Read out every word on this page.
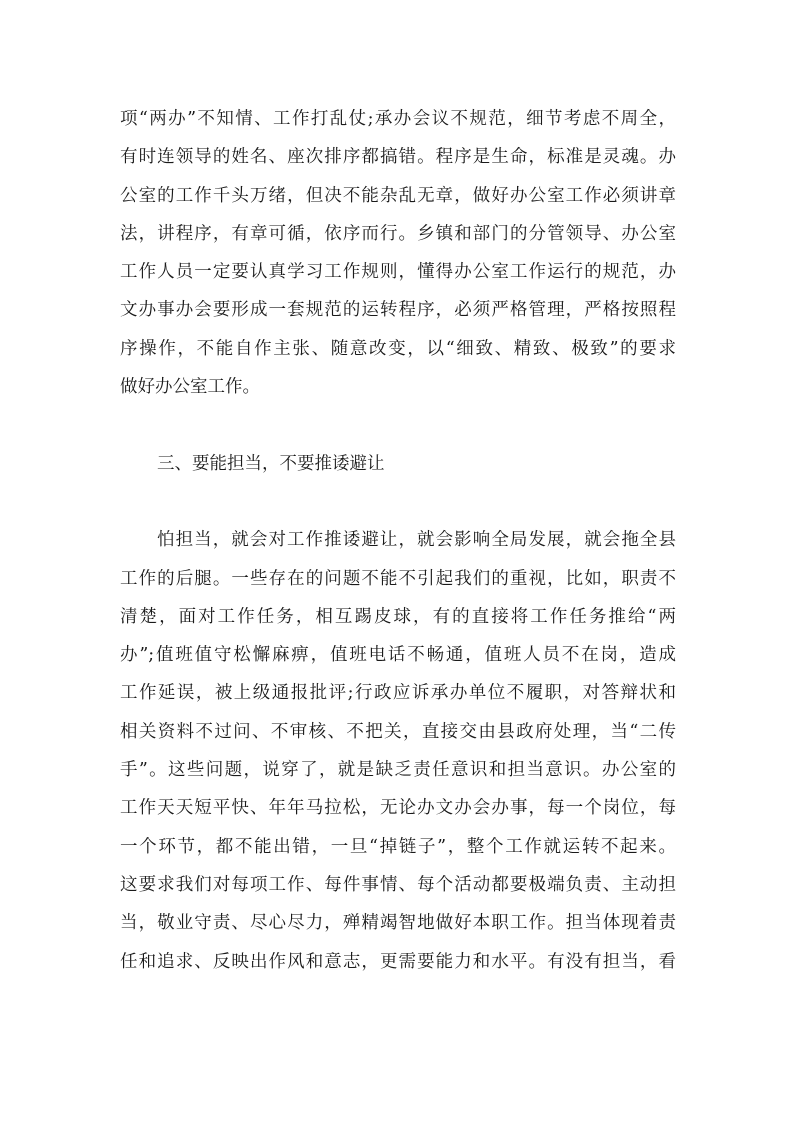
项“两办”不知情、工作打乱仗;承办会议不规范，细节考虑不周全，
有时连领导的姓名、座次排序都搞错。程序是生命，标准是灵魂。办
公室的工作千头万绪，但决不能杂乱无章，做好办公室工作必须讲章
法，讲程序，有章可循，依序而行。乡镇和部门的分管领导、办公室
工作人员一定要认真学习工作规则，懂得办公室工作运行的规范，办
文办事办会要形成一套规范的运转程序，必须严格管理，严格按照程
序操作，不能自作主张、随意改变，以“细致、精致、极致”的要求
做好办公室工作。
三、要能担当，不要推诿避让
怕担当，就会对工作推诿避让，就会影响全局发展，就会拖全县
工作的后腿。一些存在的问题不能不引起我们的重视，比如，职责不
清楚，面对工作任务，相互踢皮球，有的直接将工作任务推给“两
办”;值班值守松懈麻痹，值班电话不畅通，值班人员不在岗，造成
工作延误，被上级通报批评;行政应诉承办单位不履职，对答辩状和
相关资料不过问、不审核、不把关，直接交由县政府处理，当“二传
手”。这些问题，说穿了，就是缺乏责任意识和担当意识。办公室的
工作天天短平快、年年马拉松，无论办文办会办事，每一个岗位，每
一个环节，都不能出错，一旦“掉链子”，整个工作就运转不起来。
这要求我们对每项工作、每件事情、每个活动都要极端负责、主动担
当，敬业守责、尽心尽力，殚精竭智地做好本职工作。担当体现着责
任和追求、反映出作风和意志，更需要能力和水平。有没有担当，看
